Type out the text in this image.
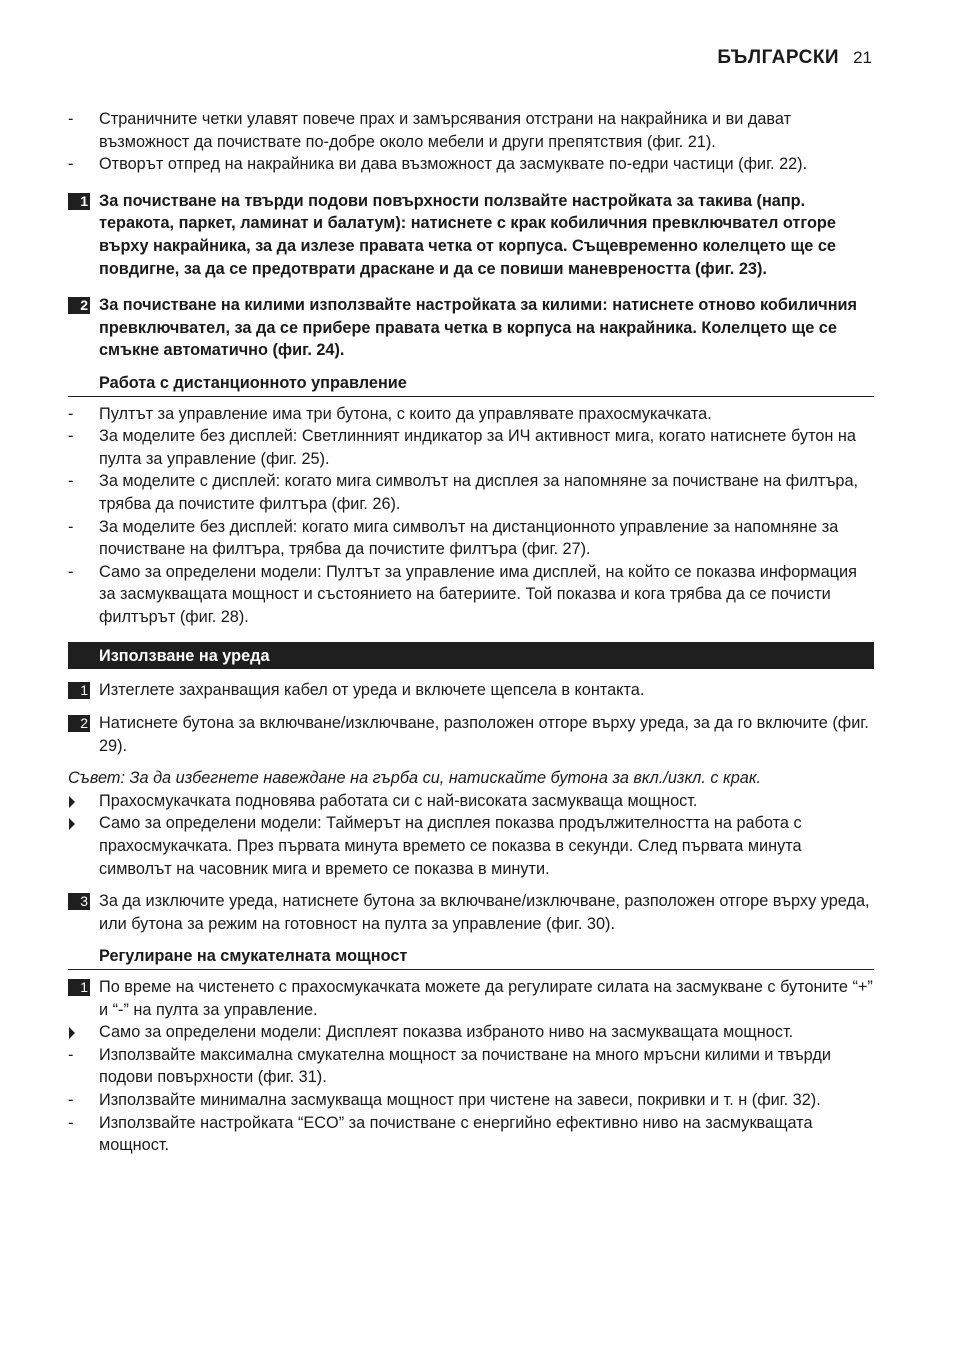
БЪЛГАРСКИ 21
- Страничните четки улавят повече прах и замърсявания отстрани на накрайника и ви дават възможност да почиствате по-добре около мебели и други препятствия (фиг. 21).
- Отворът отпред на накрайника ви дава възможност да засмуквате по-едри частици (фиг. 22).
1 За почистване на твърди подови повърхности ползвайте настройката за такива (напр. теракота, паркет, ламинат и балатум): натиснете с крак кобиличния превключвател отгоре върху накрайника, за да излезе правата четка от корпуса. Същевременно колелцето ще се повдигне, за да се предотврати драскане и да се повиши маневреността (фиг. 23).
2 За почистване на килими използвайте настройката за килими: натиснете отново кобиличния превключвател, за да се прибере правата четка в корпуса на накрайника. Колелцето ще се смъкне автоматично (фиг. 24).
Работа с дистанционното управление
- Пултът за управление има три бутона, с които да управлявате прахосмукачката.
- За моделите без дисплей: Светлинният индикатор за ИЧ активност мига, когато натиснете бутон на пулта за управление (фиг. 25).
- За моделите с дисплей: когато мига символът на дисплея за напомняне за почистване на филтъра, трябва да почистите филтъра (фиг. 26).
- За моделите без дисплей: когато мига символът на дистанционното управление за напомняне за почистване на филтъра, трябва да почистите филтъра (фиг. 27).
- Само за определени модели: Пултът за управление има дисплей, на който се показва информация за засмукващата мощност и състоянието на батериите. Той показва и кога трябва да се почисти филтърът (фиг. 28).
Използване на уреда
1 Изтеглете захранващия кабел от уреда и включете щепсела в контакта.
2 Натиснете бутона за включване/изключване, разположен отгоре върху уреда, за да го включите (фиг. 29).
Съвет: За да избегнете навеждане на гърба си, натискайте бутона за вкл./изкл. с крак.
Прахосмукачката подновява работата си с най-високата засмукваща мощност.
Само за определени модели: Таймерът на дисплея показва продължителността на работа с прахосмукачката. През първата минута времето се показва в секунди. След първата минута символът на часовник мига и времето се показва в минути.
3 За да изключите уреда, натиснете бутона за включване/изключване, разположен отгоре върху уреда, или бутона за режим на готовност на пулта за управление (фиг. 30).
Регулиране на смукателната мощност
1 По време на чистенето с прахосмукачката можете да регулирате силата на засмукване с бутоните “+” и “-” на пулта за управление.
Само за определени модели: Дисплеят показва избраното ниво на засмукващата мощност.
- Използвайте максимална смукателна мощност за почистване на много мръсни килими и твърди подови повърхности (фиг. 31).
- Използвайте минимална засмукваща мощност при чистене на завеси, покривки и т. н (фиг. 32).
- Използвайте настройката “ECO” за почистване с енергийно ефективно ниво на засмукващата мощност.
